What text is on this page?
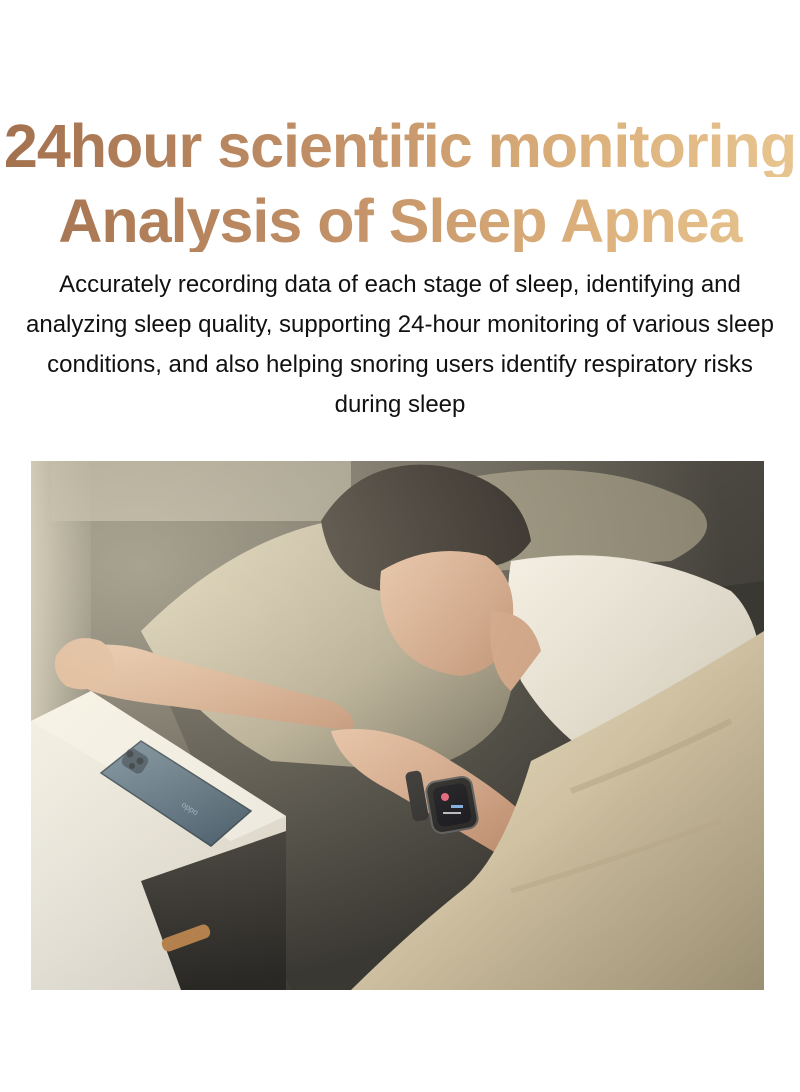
24hour scientific monitoring
Analysis of Sleep Apnea

Accurately recording data of each stage of sleep, identifying and analyzing sleep quality, supporting 24-hour monitoring of various sleep conditions, and also helping snoring users identify respiratory risks during sleep
